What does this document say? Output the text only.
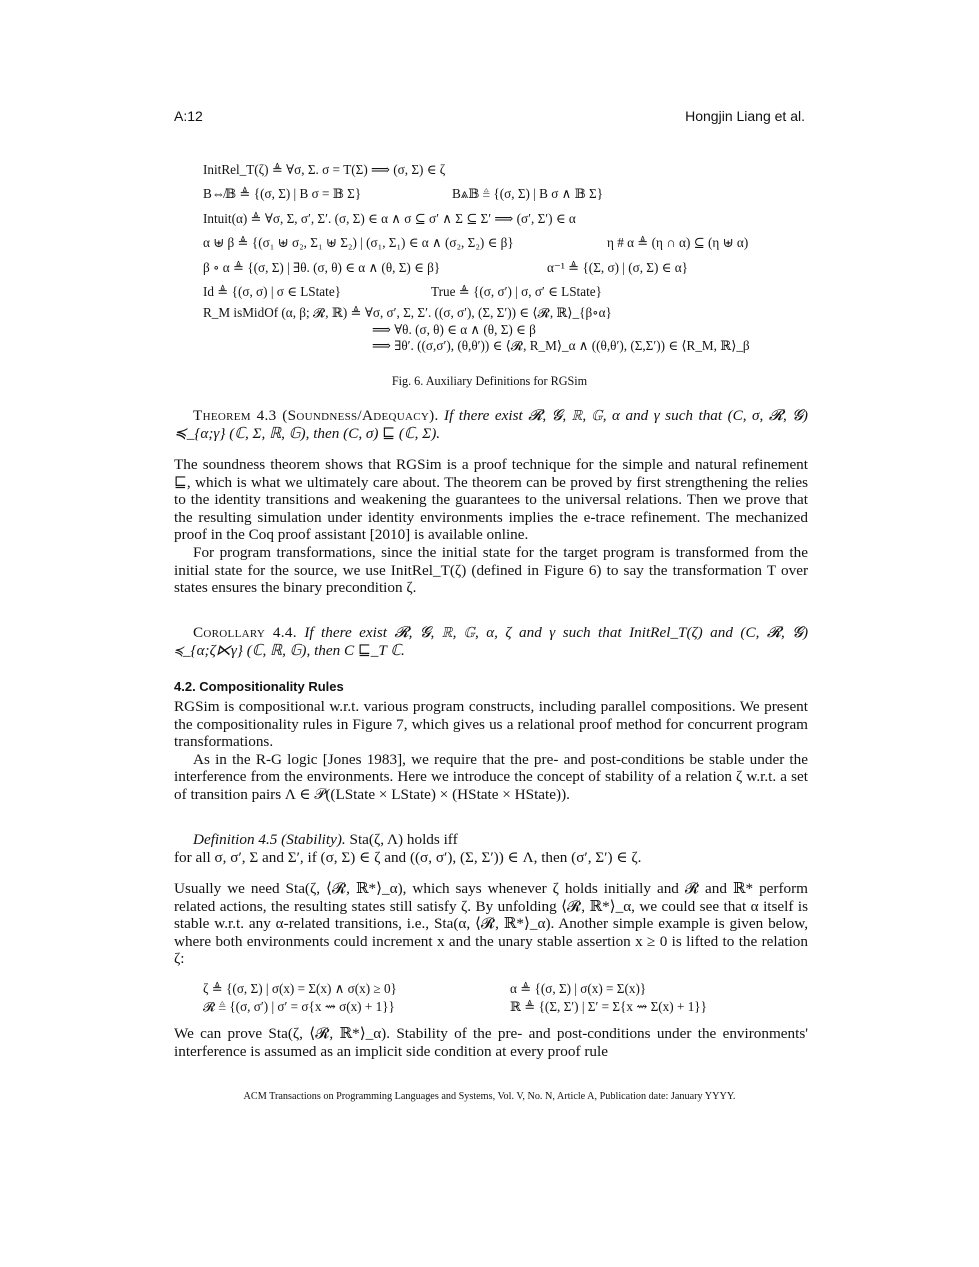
A:12	Hongjin Liang et al.
InitRel_T(ζ) ≜ ∀σ, Σ. σ = T(Σ) ⟹ (σ, Σ) ∈ ζ
B⇎𝔹 ≜ {(σ, Σ) | B σ = 𝔹 Σ}	B⩓𝔹 ≜ {(σ, Σ) | B σ ∧ 𝔹 Σ}
Intuit(α) ≜ ∀σ, Σ, σ′, Σ′. (σ, Σ) ∈ α ∧ σ ⊆ σ′ ∧ Σ ⊆ Σ′ ⟹ (σ′, Σ′) ∈ α
α ⊎ β ≜ {(σ₁ ⊎ σ₂, Σ₁ ⊎ Σ₂) | (σ₁, Σ₁) ∈ α ∧ (σ₂, Σ₂) ∈ β}	η # α ≜ (η ∩ α) ⊆ (η ⊎ α)
β ∘ α ≜ {(σ, Σ) | ∃θ. (σ, θ) ∈ α ∧ (θ, Σ) ∈ β}	α⁻¹ ≜ {(Σ, σ) | (σ, Σ) ∈ α}
Id ≜ {(σ, σ) | σ ∈ LState}	True ≜ {(σ, σ′) | σ, σ′ ∈ LState}
R_M isMidOf (α, β; 𝓡, ℝ) ≜ ∀σ, σ′, Σ, Σ′. ((σ, σ′), (Σ, Σ′)) ∈ ⟨𝓡, ℝ⟩_{β∘α}
⟹ ∀θ. (σ, θ) ∈ α ∧ (θ, Σ) ∈ β
⟹ ∃θ′. ((σ,σ′), (θ,θ′)) ∈ ⟨𝓡, R_M⟩_α ∧ ((θ,θ′), (Σ,Σ′)) ∈ ⟨R_M, ℝ⟩_β
Fig. 6. Auxiliary Definitions for RGSim

Theorem 4.3 (Soundness/Adequacy). If there exist 𝓡, 𝓖, ℝ, 𝔾, α and γ such that (C, σ, 𝓡, 𝓖) ≼_{α;γ} (ℂ, Σ, ℝ, 𝔾), then (C, σ) ⊑ (ℂ, Σ).

The soundness theorem shows that RGSim is a proof technique for the simple and natural refinement ⊑, which is what we ultimately care about. The theorem can be proved by first strengthening the relies to the identity transitions and weakening the guarantees to the universal relations. Then we prove that the resulting simulation under identity environments implies the e-trace refinement. The mechanized proof in the Coq proof assistant [2010] is available online.

For program transformations, since the initial state for the target program is transformed from the initial state for the source, we use InitRel_T(ζ) (defined in Figure 6) to say the transformation T over states ensures the binary precondition ζ.

Corollary 4.4. If there exist 𝓡, 𝓖, ℝ, 𝔾, α, ζ and γ such that InitRel_T(ζ) and (C, 𝓡, 𝓖) ≼_{α;ζ⋉γ} (ℂ, ℝ, 𝔾), then C ⊑_T ℂ.

4.2. Compositionality Rules

RGSim is compositional w.r.t. various program constructs, including parallel compositions. We present the compositionality rules in Figure 7, which gives us a relational proof method for concurrent program transformations.

As in the R-G logic [Jones 1983], we require that the pre- and post-conditions be stable under the interference from the environments. Here we introduce the concept of stability of a relation ζ w.r.t. a set of transition pairs Λ ∈ 𝒫((LState × LState) × (HState × HState)).

Definition 4.5 (Stability). Sta(ζ, Λ) holds iff

for all σ, σ′, Σ and Σ′, if (σ, Σ) ∈ ζ and ((σ, σ′), (Σ, Σ′)) ∈ Λ, then (σ′, Σ′) ∈ ζ.

Usually we need Sta(ζ, ⟨𝓡, ℝ*⟩_α), which says whenever ζ holds initially and 𝓡 and ℝ* perform related actions, the resulting states still satisfy ζ. By unfolding ⟨𝓡, ℝ*⟩_α, we could see that α itself is stable w.r.t. any α-related transitions, i.e., Sta(α, ⟨𝓡, ℝ*⟩_α). Another simple example is given below, where both environments could increment x and the unary stable assertion x ≥ 0 is lifted to the relation ζ:

ζ ≜ {(σ, Σ) | σ(x) = Σ(x) ∧ σ(x) ≥ 0}	α ≜ {(σ, Σ) | σ(x) = Σ(x)}
𝓡 ≜ {(σ, σ′) | σ′ = σ{x ⇝ σ(x) + 1}}	ℝ ≜ {(Σ, Σ′) | Σ′ = Σ{x ⇝ Σ(x) + 1}}

We can prove Sta(ζ, ⟨𝓡, ℝ*⟩_α). Stability of the pre- and post-conditions under the environments' interference is assumed as an implicit side condition at every proof rule

ACM Transactions on Programming Languages and Systems, Vol. V, No. N, Article A, Publication date: January YYYY.
